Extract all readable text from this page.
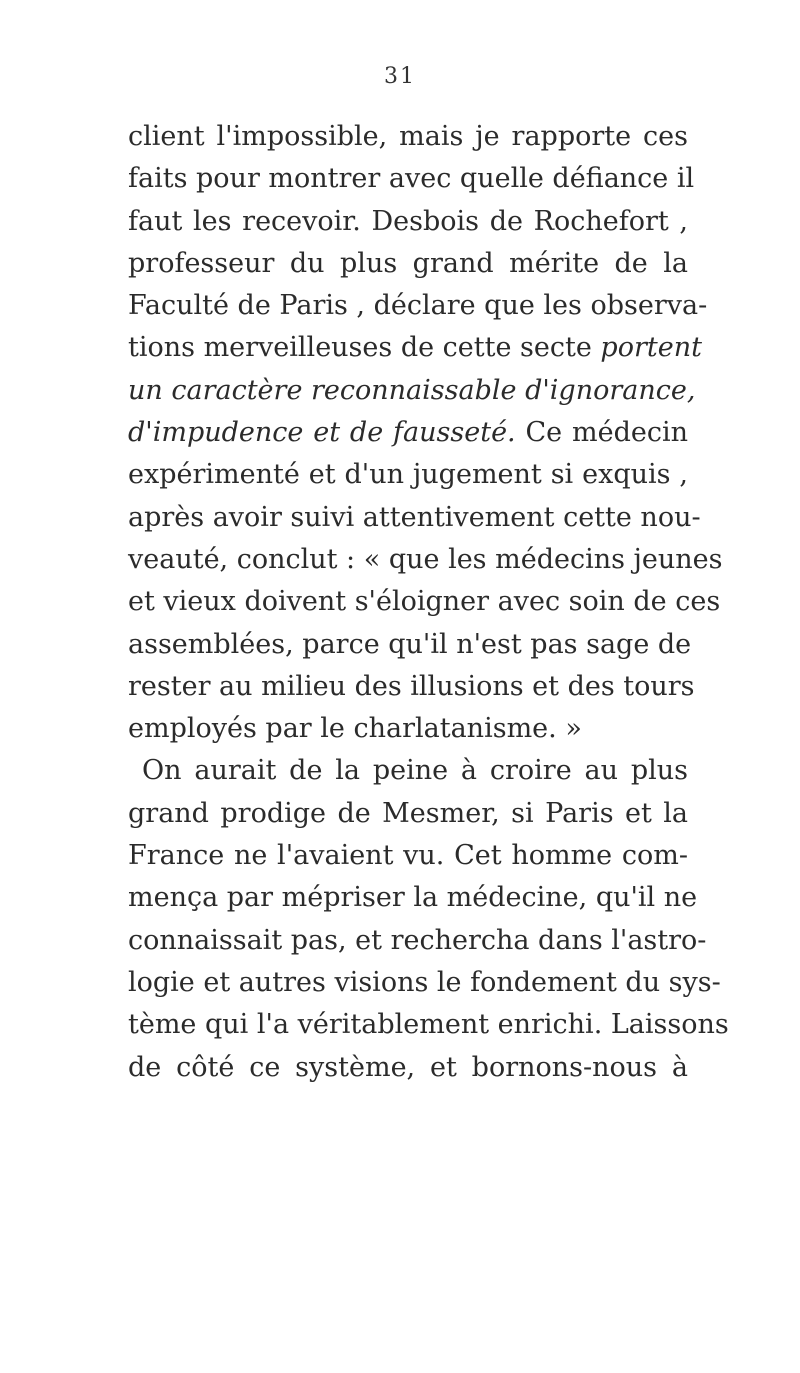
31
client l'impossible, mais je rapporte ces
faits pour montrer avec quelle défiance il
faut les recevoir. Desbois de Rochefort ,
professeur du plus grand mérite de la
Faculté de Paris , déclare que les observa-
tions merveilleuses de cette secte portent
un caractère reconnaissable d'ignorance,
d'impudence et de fausseté. Ce médecin
expérimenté et d'un jugement si exquis ,
après avoir suivi attentivement cette nou-
veauté, conclut : « que les médecins jeunes
et vieux doivent s'éloigner avec soin de ces
assemblées, parce qu'il n'est pas sage de
rester au milieu des illusions et des tours
employés par le charlatanisme. »
On aurait de la peine à croire au plus
grand prodige de Mesmer, si Paris et la
France ne l'avaient vu. Cet homme com-
mença par mépriser la médecine, qu'il ne
connaissait pas, et rechercha dans l'astro-
logie et autres visions le fondement du sys-
tème qui l'a véritablement enrichi. Laissons
de côté ce système, et bornons-nous à
